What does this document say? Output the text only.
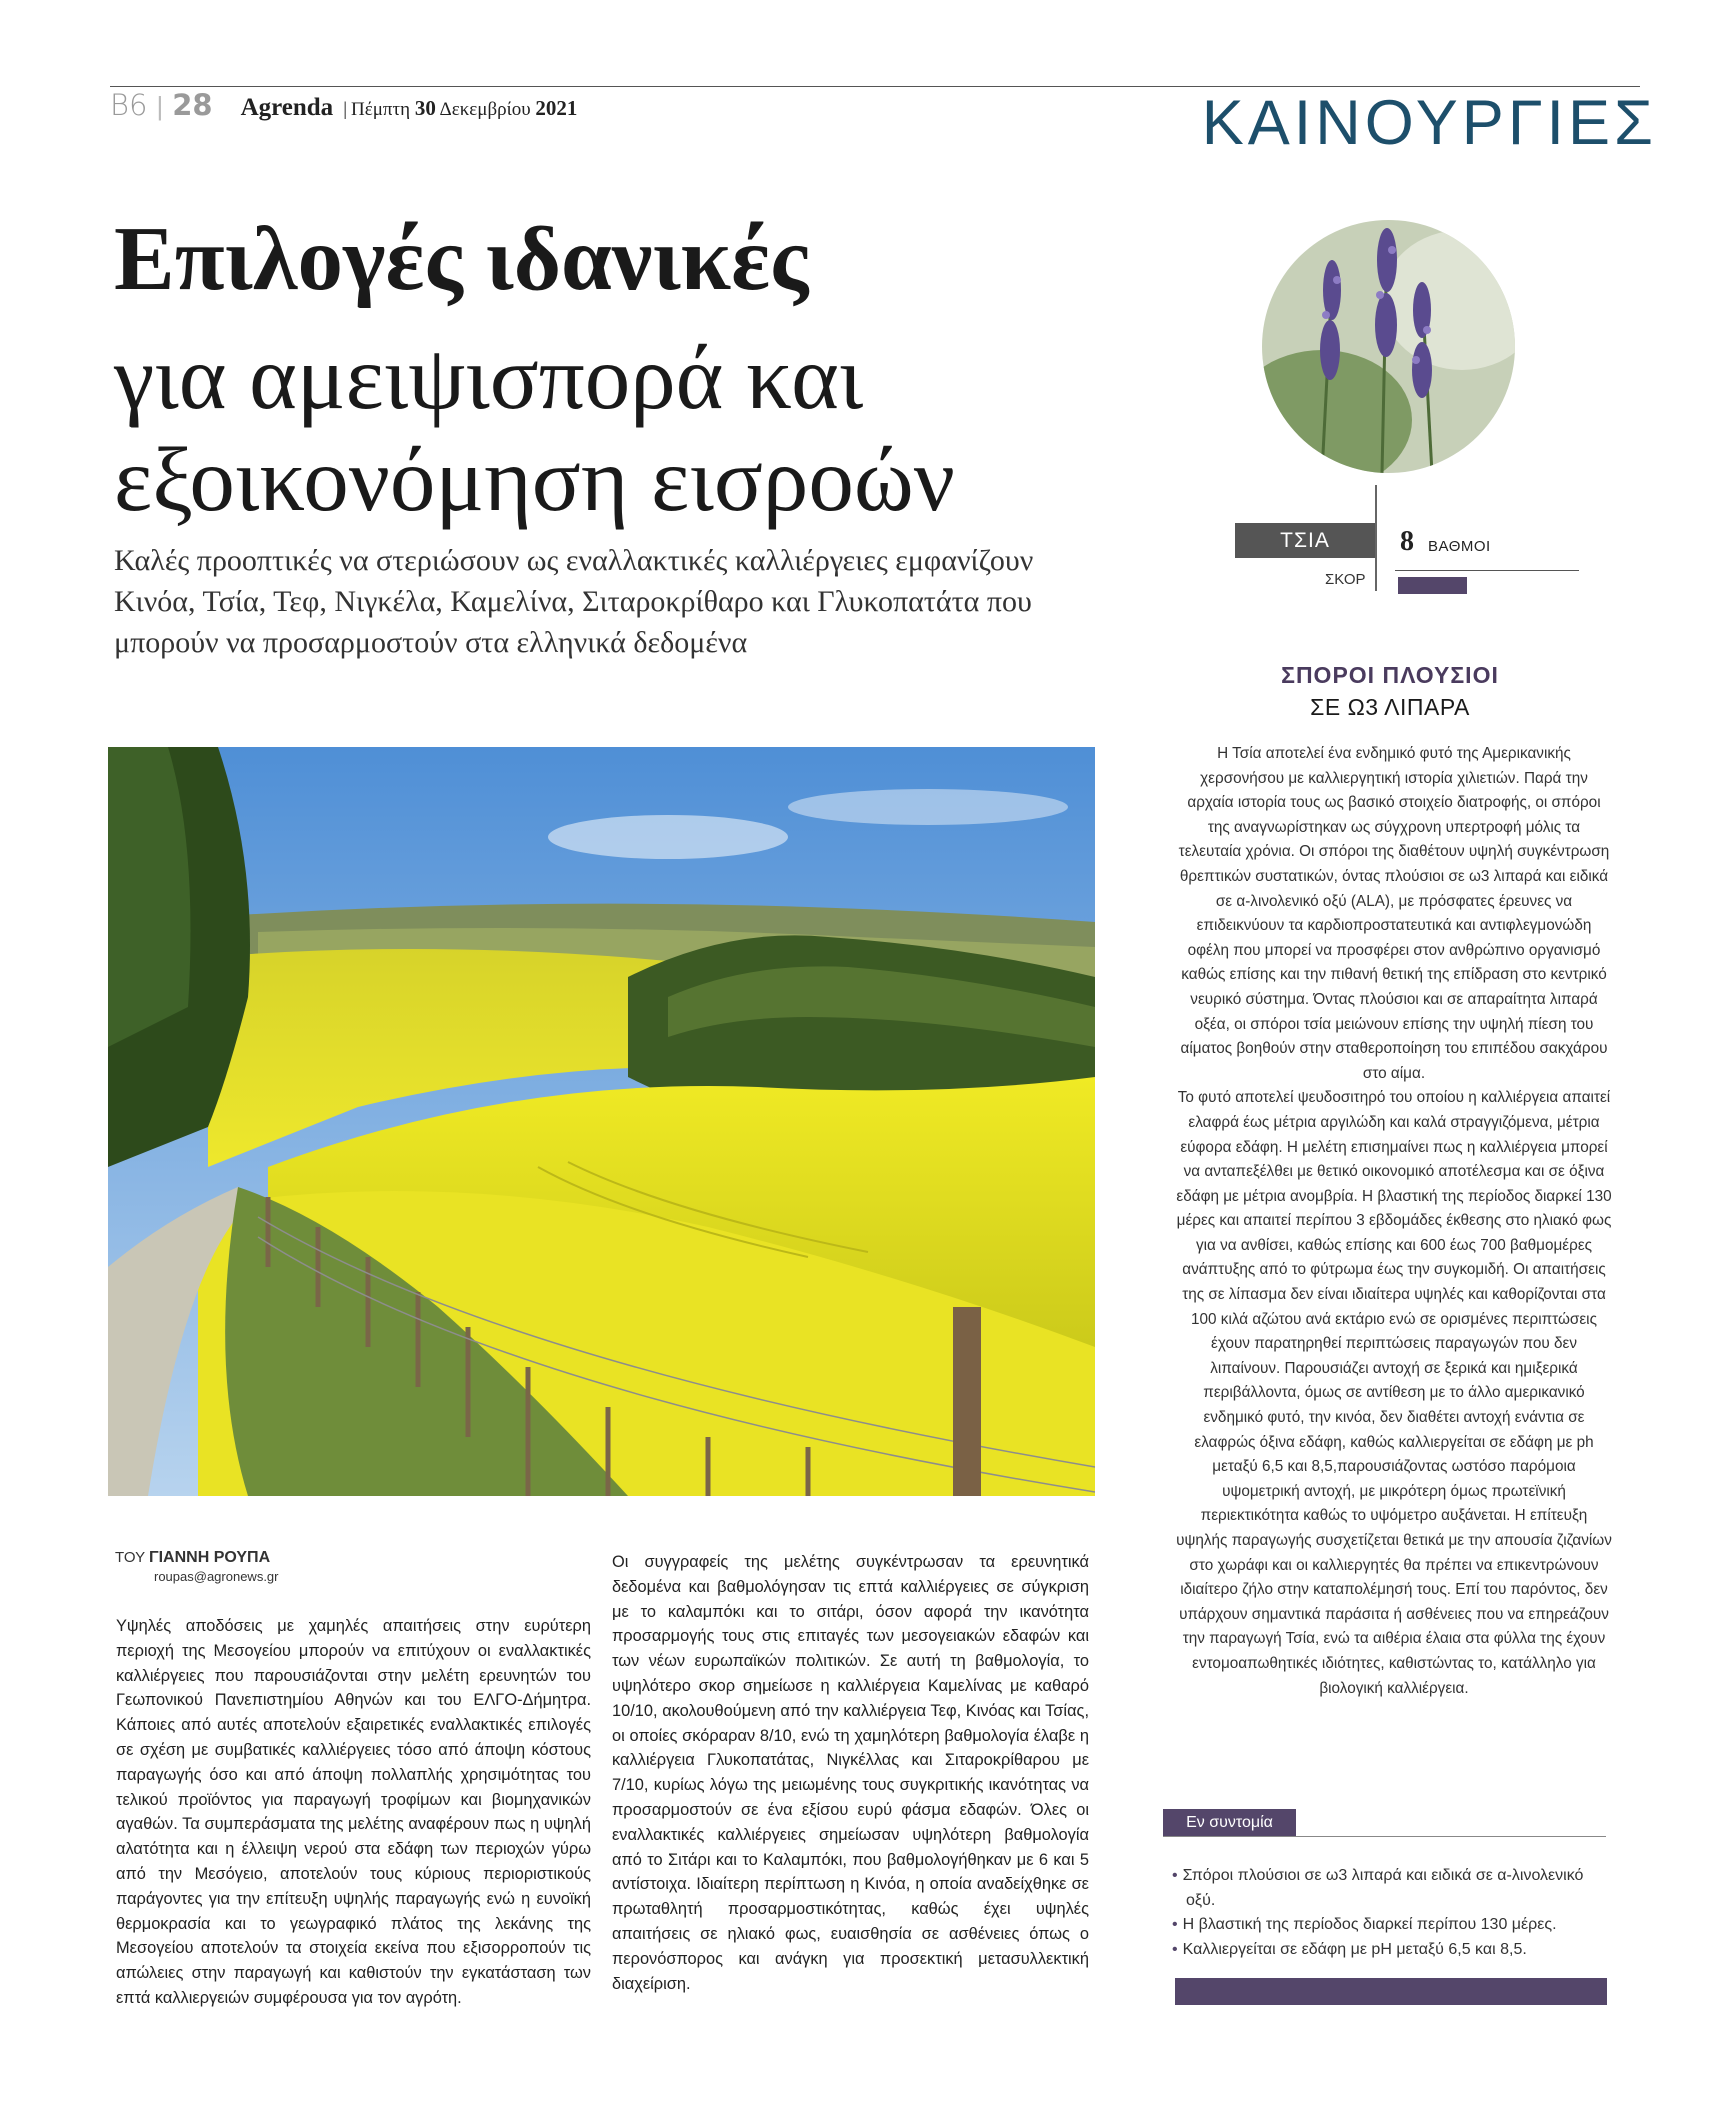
B6 | 28 Agrenda | Πέμπτη 30 Δεκεμβρίου 2021	ΚΑΙΝΟΥΡΓΙΕΣ
Επιλογές ιδανικές
για αμειψισπορά και εξοικονόμηση εισροών
Καλές προοπτικές να στεριώσουν ως εναλλακτικές καλλιέργειες εμφανίζουν Κινόα, Τσία, Τεφ, Νιγκέλα, Καμελίνα, Σιταροκρίθαρο και Γλυκοπατάτα που μπορούν να προσαρμοστούν στα ελληνικά δεδομένα
ΤΟΥ ΓΙΑΝΝΗ ΡΟΥΠΑ
roupas@agronews.gr
Υψηλές αποδόσεις με χαμηλές απαιτήσεις στην ευρύτερη περιοχή της Μεσογείου μπορούν να επιτύχουν οι εναλλακτικές καλλιέργειες που παρουσιάζονται στην μελέτη ερευνητών του Γεωπονικού Πανεπιστημίου Αθηνών και του ΕΛΓΟ-Δήμητρα. Κάποιες από αυτές αποτελούν εξαιρετικές εναλλακτικές επιλογές σε σχέση με συμβατικές καλλιέργειες τόσο από άποψη κόστους παραγωγής όσο και από άποψη πολλαπλής χρησιμότητας του τελικού προϊόντος για παραγωγή τροφίμων και βιομηχανικών αγαθών. Τα συμπεράσματα της μελέτης αναφέρουν πως η υψηλή αλατότητα και η έλλειψη νερού στα εδάφη των περιοχών γύρω από την Μεσόγειο, αποτελούν τους κύριους περιοριστικούς παράγοντες για την επίτευξη υψηλής παραγωγής ενώ η ευνοϊκή θερμοκρασία και το γεωγραφικό πλάτος της λεκάνης της Μεσογείου αποτελούν τα στοιχεία εκείνα που εξισορροπούν τις απώλειες στην παραγωγή και καθιστούν την εγκατάσταση των επτά καλλιεργειών συμφέρουσα για τον αγρότη.
Οι συγγραφείς της μελέτης συγκέντρωσαν τα ερευνητικά δεδομένα και βαθμολόγησαν τις επτά καλλιέργειες σε σύγκριση με το καλαμπόκι και το σιτάρι, όσον αφορά την ικανότητα προσαρμογής τους στις επιταγές των μεσογειακών εδαφών και των νέων ευρωπαϊκών πολιτικών. Σε αυτή τη βαθμολογία, το υψηλότερο σκορ σημείωσε η καλλιέργεια Καμελίνας με καθαρό 10/10, ακολουθούμενη από την καλλιέργεια Τεφ, Κινόας και Τσίας, οι οποίες σκόραραν 8/10, ενώ τη χαμηλότερη βαθμολογία έλαβε η καλλιέργεια Γλυκοπατάτας, Νιγκέλλας και Σιταροκρίθαρου με 7/10, κυρίως λόγω της μειωμένης τους συγκριτικής ικανότητας να προσαρμοστούν σε ένα εξίσου ευρύ φάσμα εδαφών. Όλες οι εναλλακτικές καλλιέργειες σημείωσαν υψηλότερη βαθμολογία από το Σιτάρι και το Καλαμπόκι, που βαθμολογήθηκαν με 6 και 5 αντίστοιχα. Ιδιαίτερη περίπτωση η Κινόα, η οποία αναδείχθηκε σε πρωταθλητή προσαρμοστικότητας, καθώς έχει υψηλές απαιτήσεις σε ηλιακό φως, ευαισθησία σε ασθένειες όπως ο περονόσπορος και ανάγκη για προσεκτική μετασυλλεκτική διαχείριση.
ΤΣΙΑ
ΣΚΟΡ
8 ΒΑΘΜΟΙ
ΣΠΟΡΟΙ ΠΛΟΥΣΙΟΙ
ΣΕ Ω3 ΛΙΠΑΡΑ
Η Τσία αποτελεί ένα ενδημικό φυτό της Αμερικανικής χερσονήσου με καλλιεργητική ιστορία χιλιετιών. Παρά την αρχαία ιστορία τους ως βασικό στοιχείο διατροφής, οι σπόροι της αναγνωρίστηκαν ως σύγχρονη υπερτροφή μόλις τα τελευταία χρόνια. Οι σπόροι της διαθέτουν υψηλή συγκέντρωση θρεπτικών συστατικών, όντας πλούσιοι σε ω3 λιπαρά και ειδικά σε α-λινολενικό οξύ (ALA), με πρόσφατες έρευνες να επιδεικνύουν τα καρδιοπροστατευτικά και αντιφλεγμονώδη οφέλη που μπορεί να προσφέρει στον ανθρώπινο οργανισμό καθώς επίσης και την πιθανή θετική της επίδραση στο κεντρικό νευρικό σύστημα. Όντας πλούσιοι και σε απαραίτητα λιπαρά οξέα, οι σπόροι τσία μειώνουν επίσης την υψηλή πίεση του αίματος βοηθούν στην σταθεροποίηση του επιπέδου σακχάρου στο αίμα.
Το φυτό αποτελεί ψευδοσιτηρό του οποίου η καλλιέργεια απαιτεί ελαφρά έως μέτρια αργιλώδη και καλά στραγγιζόμενα, μέτρια εύφορα εδάφη. Η μελέτη επισημαίνει πως η καλλιέργεια μπορεί να ανταπεξέλθει με θετικό οικονομικό αποτέλεσμα και σε όξινα εδάφη με μέτρια ανομβρία. Η βλαστική της περίοδος διαρκεί 130 μέρες και απαιτεί περίπου 3 εβδομάδες έκθεσης στο ηλιακό φως για να ανθίσει, καθώς επίσης και 600 έως 700 βαθμομέρες ανάπτυξης από το φύτρωμα έως την συγκομιδή. Οι απαιτήσεις της σε λίπασμα δεν είναι ιδιαίτερα υψηλές και καθορίζονται στα 100 κιλά αζώτου ανά εκτάριο ενώ σε ορισμένες περιπτώσεις έχουν παρατηρηθεί περιπτώσεις παραγωγών που δεν λιπαίνουν. Παρουσιάζει αντοχή σε ξερικά και ημιξερικά περιβάλλοντα, όμως σε αντίθεση με το άλλο αμερικανικό ενδημικό φυτό, την κινόα, δεν διαθέτει αντοχή ενάντια σε ελαφρώς όξινα εδάφη, καθώς καλλιεργείται σε εδάφη με ph μεταξύ 6,5 και 8,5,παρουσιάζοντας ωστόσο παρόμοια υψομετρική αντοχή, με μικρότερη όμως πρωτεϊνική περιεκτικότητα καθώς το υψόμετρο αυξάνεται. Η επίτευξη υψηλής παραγωγής συσχετίζεται θετικά με την απουσία ζιζανίων στο χωράφι και οι καλλιεργητές θα πρέπει να επικεντρώνουν ιδιαίτερο ζήλο στην καταπολέμησή τους. Επί του παρόντος, δεν υπάρχουν σημαντικά παράσιτα ή ασθένειες που να επηρεάζουν την παραγωγή Τσία, ενώ τα αιθέρια έλαια στα φύλλα της έχουν εντομοαπωθητικές ιδιότητες, καθιστώντας το, κατάλληλο για βιολογική καλλιέργεια.
Εν συντομία
• Σπόροι πλούσιοι σε ω3 λιπαρά και ειδικά σε α-λινολενικό οξύ.
• Η βλαστική της περίοδος διαρκεί περίπου 130 μέρες.
• Καλλιεργείται σε εδάφη με pH μεταξύ 6,5 και 8,5.
